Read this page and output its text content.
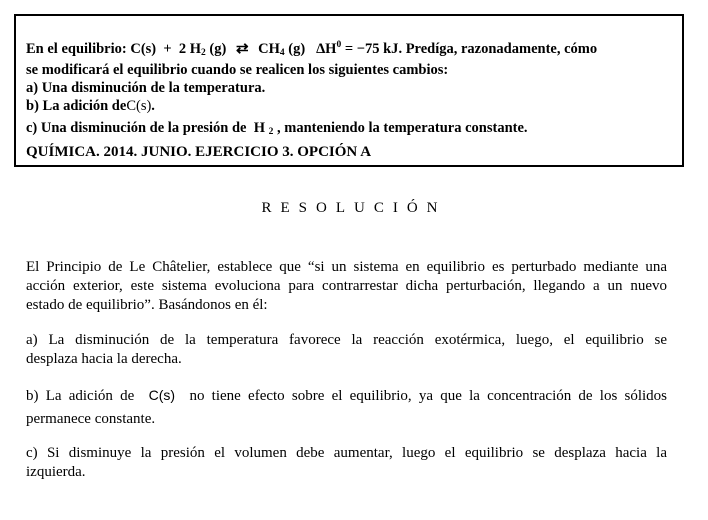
En el equilibrio: C(s) + 2 $H_2$ (g) ⇄ $CH_4$ (g) $\Delta H^0 = -75$ kJ. Predíga, razonadamente, cómo
se modificará el equilibrio cuando se realicen los siguientes cambios:
a) Una disminución de la temperatura.
b) La adición deC(s).
c) Una disminución de la presión de H $_2$ , manteniendo la temperatura constante.
QUÍMICA. 2014. JUNIO. EJERCICIO 3. OPCIÓN A
RESOLUCIÓN
El Principio de Le Châtelier, establece que “si un sistema en equilibrio es perturbado mediante una
acción exterior, este sistema evoluciona para contrarrestar dicha perturbación, llegando a un nuevo
estado de equilibrio”. Basándonos en él:
a) La disminución de la temperatura favorece la reacción exotérmica, luego, el equilibrio se
desplaza hacia la derecha.
b) La adición de C(s) no tiene efecto sobre el equilibrio, ya que la concentración de los sólidos
permanece constante.
c) Si disminuye la presión el volumen debe aumentar, luego el equilibrio se desplaza hacia la
izquierda.
